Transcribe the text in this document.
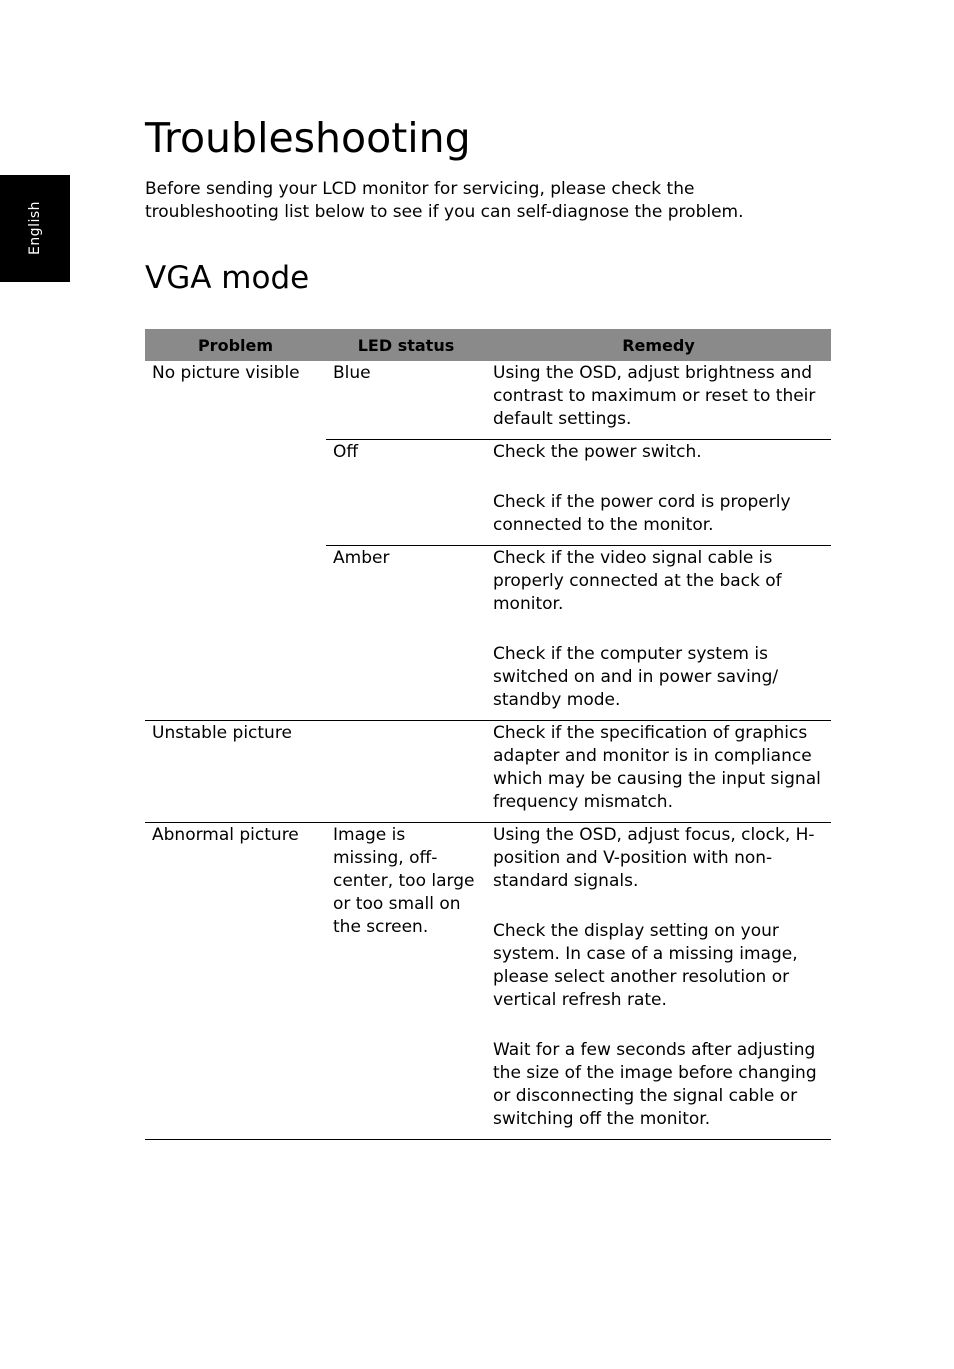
English
Troubleshooting

Before sending your LCD monitor for servicing, please check the troubleshooting list below to see if you can self-diagnose the problem.

VGA mode
Problem	LED status	Remedy
No picture visible	Blue	Using the OSD, adjust brightness and contrast to maximum or reset to their default settings.

	Off	Check the power switch.
Check if the power cord is properly connected to the monitor.

	Amber	Check if the video signal cable is properly connected at the back of monitor.
Check if the computer system is switched on and in power saving/ standby mode.

Unstable picture		Check if the specification of graphics adapter and monitor is in compliance which may be causing the input signal frequency mismatch.

Abnormal picture	Image is missing, off-center, too large or too small on the screen.	Using the OSD, adjust focus, clock, H-position and V-position with non-standard signals.
Check the display setting on your system. In case of a missing image, please select another resolution or vertical refresh rate.
Wait for a few seconds after adjusting the size of the image before changing or disconnecting the signal cable or switching off the monitor.
